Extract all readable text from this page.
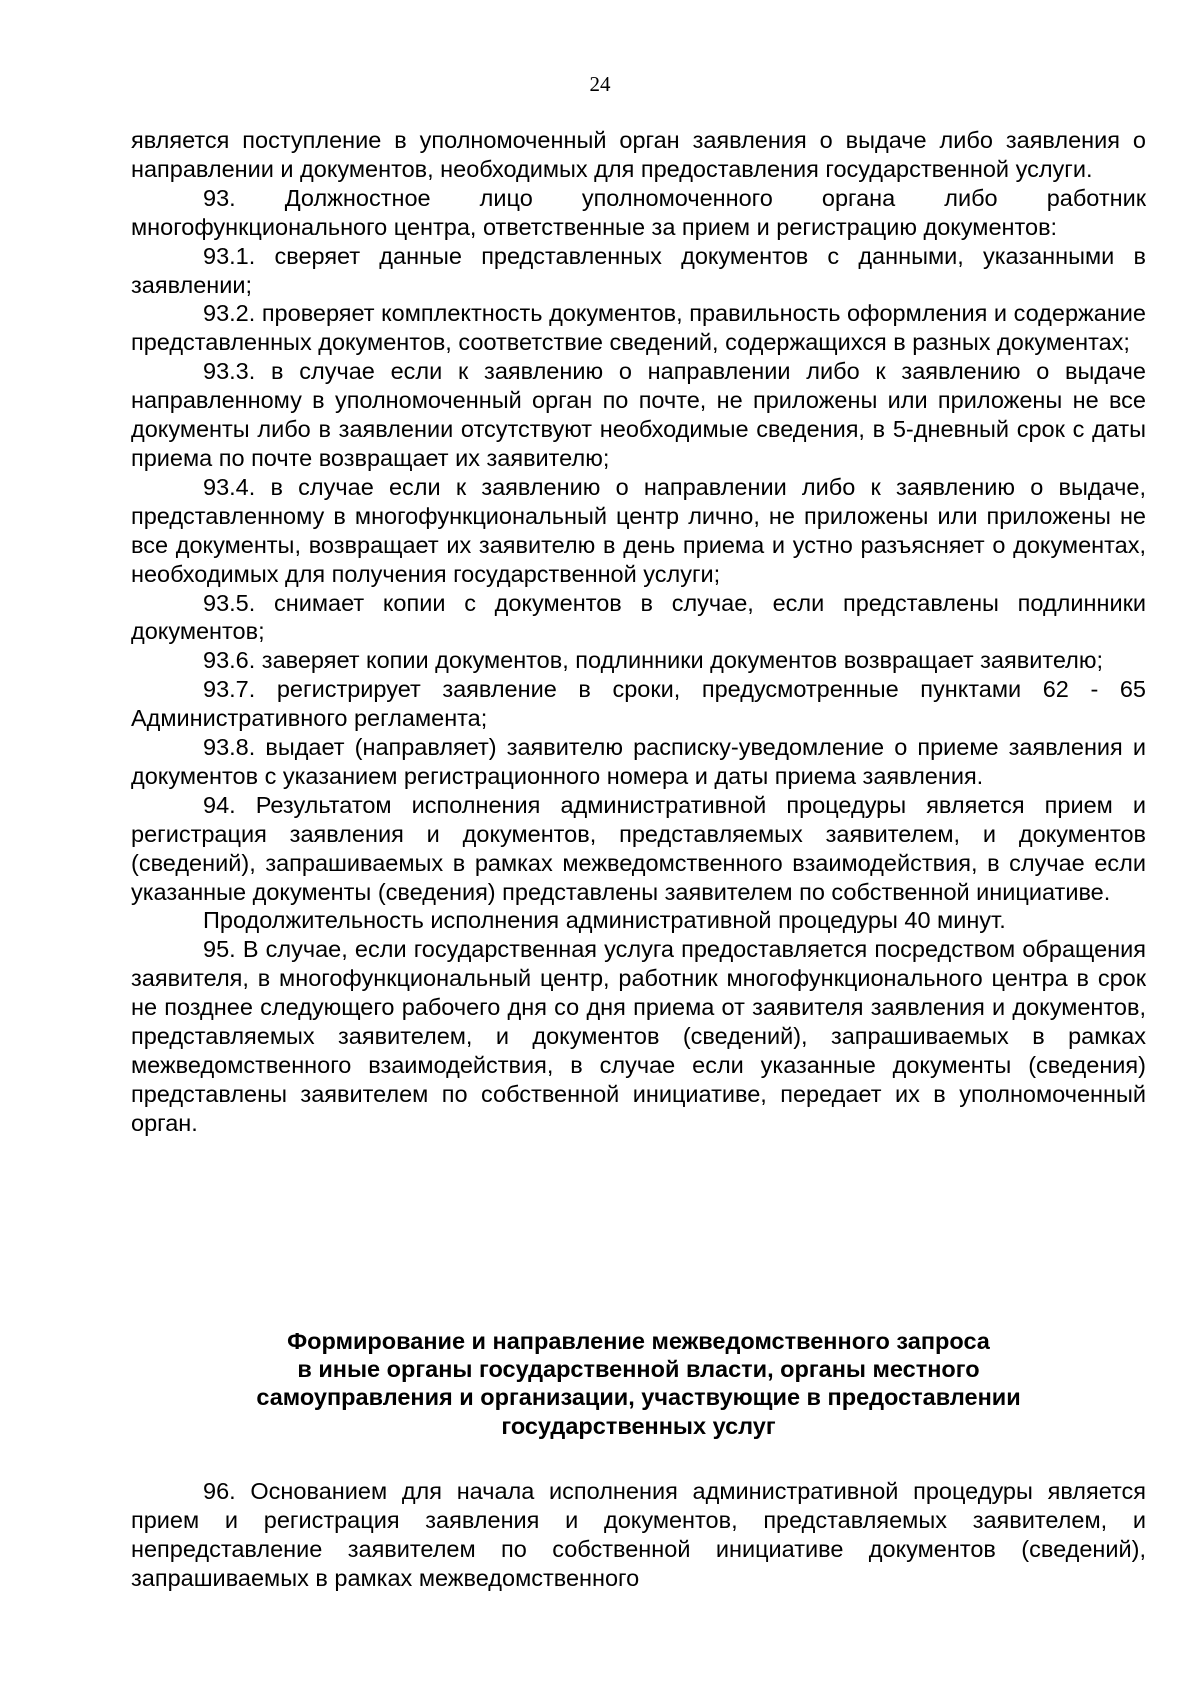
24

является поступление в уполномоченный орган заявления о выдаче либо заявления о направлении и документов, необходимых для предоставления государственной услуги.

93. Должностное лицо уполномоченного органа либо работник многофункционального центра, ответственные за прием и регистрацию документов:

93.1. сверяет данные представленных документов с данными, указанными в заявлении;

93.2. проверяет комплектность документов, правильность оформления и содержание представленных документов, соответствие сведений, содержащихся в разных документах;

93.3. в случае если к заявлению о направлении либо к заявлению о выдаче направленному в уполномоченный орган по почте, не приложены или приложены не все документы либо в заявлении отсутствуют необходимые сведения, в 5-дневный срок с даты приема по почте возвращает их заявителю;

93.4. в случае если к заявлению о направлении либо к заявлению о выдаче, представленному в многофункциональный центр лично, не приложены или приложены не все документы, возвращает их заявителю в день приема и устно разъясняет о документах, необходимых для получения государственной услуги;

93.5. снимает копии с документов в случае, если представлены подлинники документов;

93.6. заверяет копии документов, подлинники документов возвращает заявителю;

93.7. регистрирует заявление в сроки, предусмотренные пунктами 62 - 65 Административного регламента;

93.8. выдает (направляет) заявителю расписку-уведомление о приеме заявления и документов с указанием регистрационного номера и даты приема заявления.

94. Результатом исполнения административной процедуры является прием и регистрация заявления и документов, представляемых заявителем, и документов (сведений), запрашиваемых в рамках межведомственного взаимодействия, в случае если указанные документы (сведения) представлены заявителем по собственной инициативе.

Продолжительность исполнения административной процедуры 40 минут.

95. В случае, если государственная услуга предоставляется посредством обращения заявителя, в многофункциональный центр, работник многофункционального центра в срок не позднее следующего рабочего дня со дня приема от заявителя заявления и документов, представляемых заявителем, и документов (сведений), запрашиваемых в рамках межведомственного взаимодействия, в случае если указанные документы (сведения) представлены заявителем по собственной инициативе, передает их в уполномоченный орган.

Формирование и направление межведомственного запроса
в иные органы государственной власти, органы местного
самоуправления и организации, участвующие в предоставлении
государственных услуг

96. Основанием для начала исполнения административной процедуры является прием и регистрация заявления и документов, представляемых заявителем, и непредставление заявителем по собственной инициативе документов (сведений), запрашиваемых в рамках межведомственного
